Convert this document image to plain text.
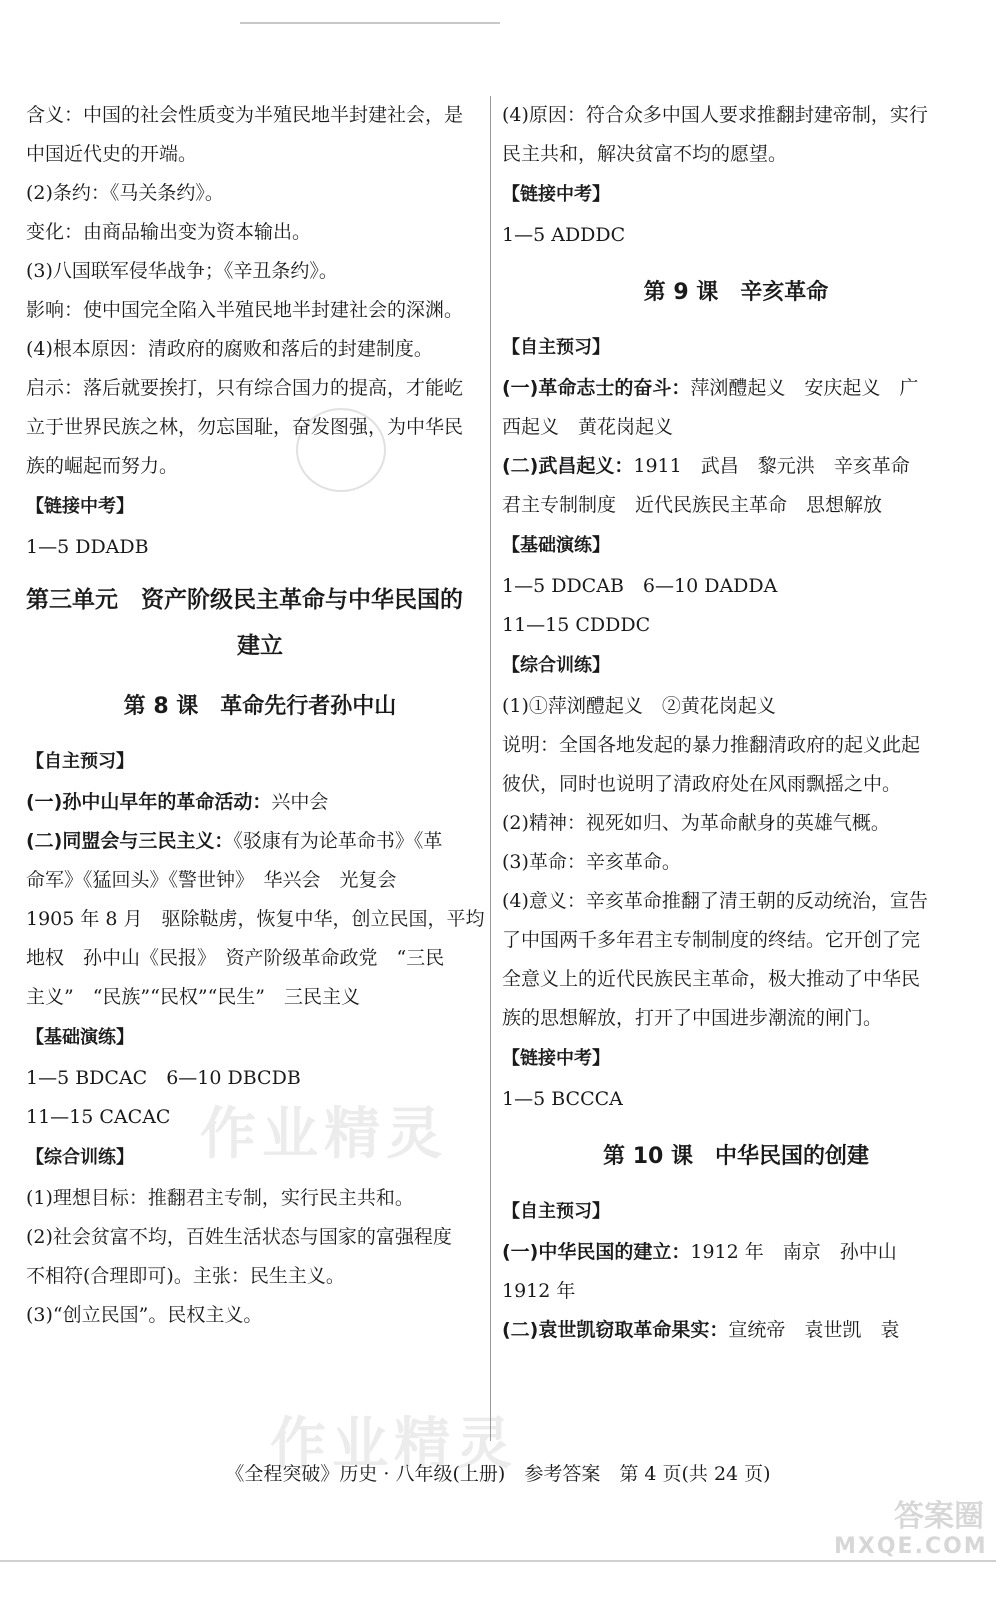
作业精灵
作业精灵

含义：中国的社会性质变为半殖民地半封建社会，是

中国近代史的开端。

(2)条约：《马关条约》。

变化：由商品输出变为资本输出。

(3)八国联军侵华战争；《辛丑条约》。

影响：使中国完全陷入半殖民地半封建社会的深渊。

(4)根本原因：清政府的腐败和落后的封建制度。

启示：落后就要挨打，只有综合国力的提高，才能屹

立于世界民族之林，勿忘国耻，奋发图强，为中华民

族的崛起而努力。

【链接中考】

1—5 DDADB

第三单元　资产阶级民主革命与中华民国的
建立
第 8 课　革命先行者孙中山

【自主预习】

(一)孙中山早年的革命活动：兴中会

(二)同盟会与三民主义：《驳康有为论革命书》《革

命军》《猛回头》《警世钟》　华兴会　光复会

1905 年 8 月　驱除鞑虏，恢复中华，创立民国，平均

地权　孙中山《民报》　资产阶级革命政党　“三民

主义”　“民族”“民权”“民生”　三民主义

【基础演练】

1—5 BDCAC　6—10 DBCDB

11—15 CACAC

【综合训练】

(1)理想目标：推翻君主专制，实行民主共和。

(2)社会贫富不均，百姓生活状态与国家的富强程度

不相符(合理即可)。主张：民生主义。

(3)“创立民国”。民权主义。

(4)原因：符合众多中国人要求推翻封建帝制，实行

民主共和，解决贫富不均的愿望。

【链接中考】

1—5 ADDDC

第 9 课　辛亥革命

【自主预习】

(一)革命志士的奋斗：萍浏醴起义　安庆起义　广

西起义　黄花岗起义

(二)武昌起义：1911　武昌　黎元洪　辛亥革命

君主专制制度　近代民族民主革命　思想解放

【基础演练】

1—5 DDCAB　6—10 DADDA

11—15 CDDDC

【综合训练】

(1)①萍浏醴起义　②黄花岗起义

说明：全国各地发起的暴力推翻清政府的起义此起

彼伏，同时也说明了清政府处在风雨飘摇之中。

(2)精神：视死如归、为革命献身的英雄气概。

(3)革命：辛亥革命。

(4)意义：辛亥革命推翻了清王朝的反动统治，宣告

了中国两千多年君主专制制度的终结。它开创了完

全意义上的近代民族民主革命，极大推动了中华民

族的思想解放，打开了中国进步潮流的闸门。

【链接中考】

1—5 BCCCA

第 10 课　中华民国的创建

【自主预习】

(一)中华民国的建立：1912 年　南京　孙中山

1912 年

(二)袁世凯窃取革命果实：宣统帝　袁世凯　袁

《全程突破》历史 · 八年级(上册)　参考答案　第 4 页(共 24 页)
答案圈
MXQE.COM
